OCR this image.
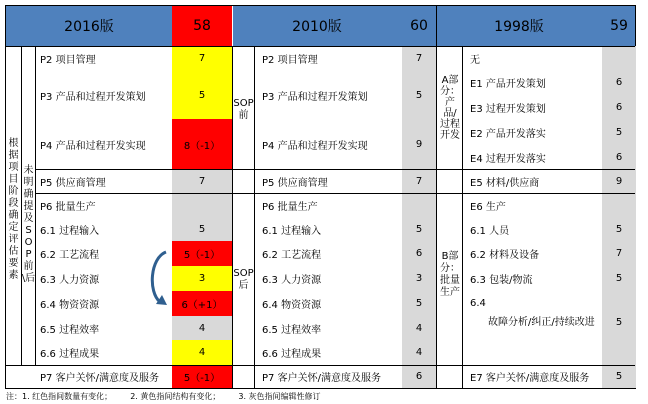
2016版	58	2010版	60	1998版	59
根据项目阶段确定评估要素
未明确提及SOP前\后
P2 项目管理	7
P3 产品和过程开发策划	5
P4 产品和过程开发实现	8（-1）
P5 供应商管理	7
P6 批量生产
6.1 过程输入	5
6.2 工艺流程	5（-1）
6.3 人力资源	3
6.4 物资资源	6（+1）
6.5 过程效率	4
6.6 过程成果	4
P7 客户关怀/满意度及服务	5（-1）
SOP前
SOP后
P2 项目管理	7
P3 产品和过程开发策划	5
P4 产品和过程开发实现	9
P5 供应商管理	7
P6 批量生产
6.1 过程输入	5
6.2 工艺流程	6
6.3 人力资源	3
6.4 物资资源	5
6.5 过程效率	4
6.6 过程成果	4
P7 客户关怀/满意度及服务	6
A部分：产品/过程开发
B部分：批量生产
无
E1 产品开发策划	6
E3 过程开发策划	6
E2 产品开发落实	5
E4 过程开发落实	6
E5 材料/供应商	9
E6 生产
6.1 人员	5
6.2 材料及设备	7
6.3 包装/物流	5
6.4
故障分析/纠正/持续改进	5
E7 客户关怀/满意度及服务	5
注：1. 红色指间数量有变化； 2. 黄色指间结构有变化； 3. 灰色指间编辑性修订
